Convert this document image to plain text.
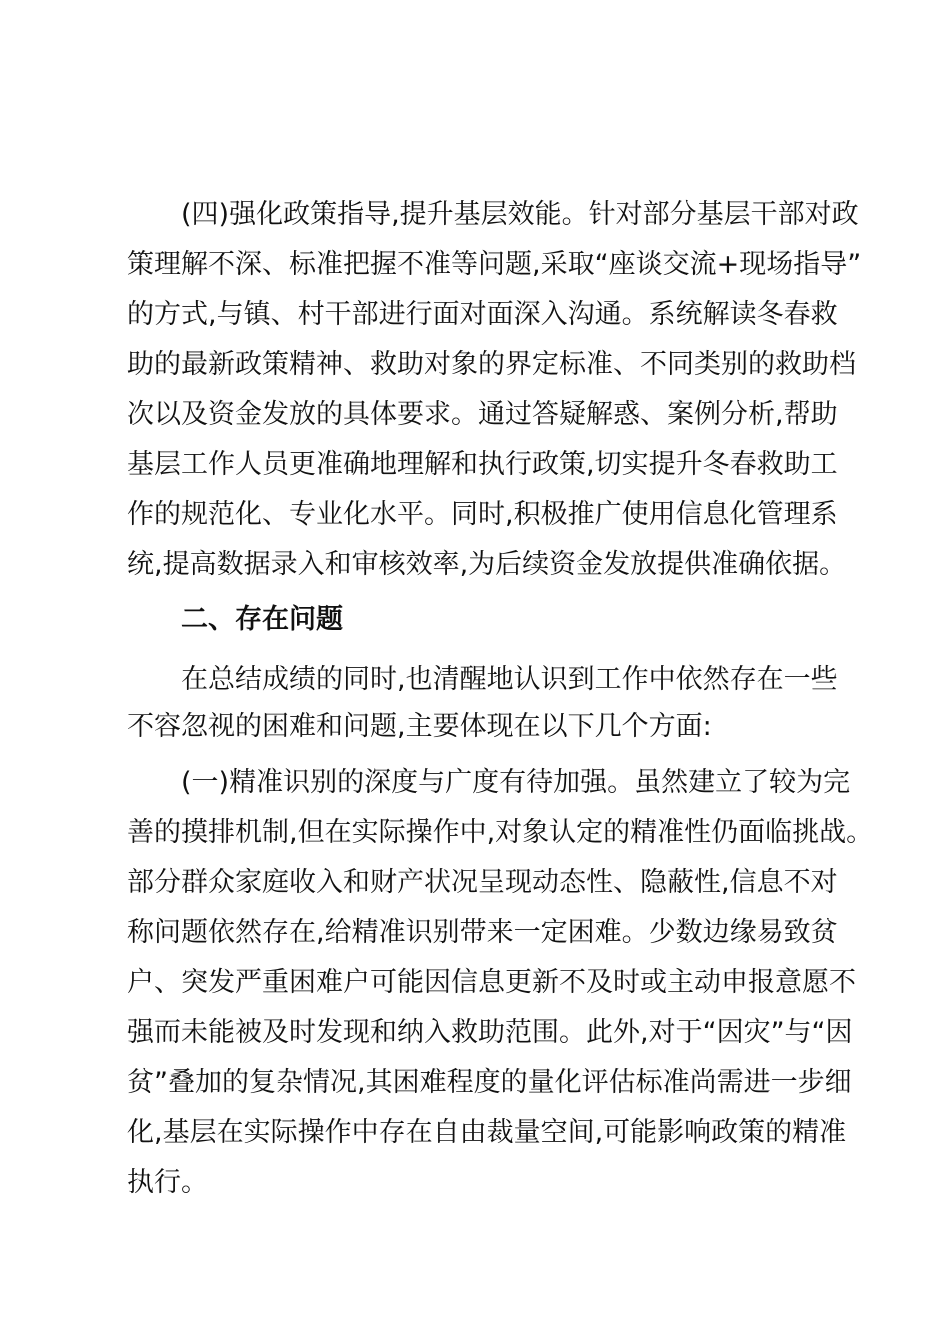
(四)强化政策指导,提升基层效能。针对部分基层干部对政
策理解不深、标准把握不准等问题,采取“座谈交流+现场指导”
的方式,与镇、村干部进行面对面深入沟通。系统解读冬春救
助的最新政策精神、救助对象的界定标准、不同类别的救助档
次以及资金发放的具体要求。通过答疑解惑、案例分析,帮助
基层工作人员更准确地理解和执行政策,切实提升冬春救助工
作的规范化、专业化水平。同时,积极推广使用信息化管理系
统,提高数据录入和审核效率,为后续资金发放提供准确依据。
二、存在问题
在总结成绩的同时,也清醒地认识到工作中依然存在一些
不容忽视的困难和问题,主要体现在以下几个方面:
(一)精准识别的深度与广度有待加强。虽然建立了较为完
善的摸排机制,但在实际操作中,对象认定的精准性仍面临挑战。
部分群众家庭收入和财产状况呈现动态性、隐蔽性,信息不对
称问题依然存在,给精准识别带来一定困难。少数边缘易致贫
户、突发严重困难户可能因信息更新不及时或主动申报意愿不
强而未能被及时发现和纳入救助范围。此外,对于“因灾”与“因
贫”叠加的复杂情况,其困难程度的量化评估标准尚需进一步细
化,基层在实际操作中存在自由裁量空间,可能影响政策的精准
执行。
